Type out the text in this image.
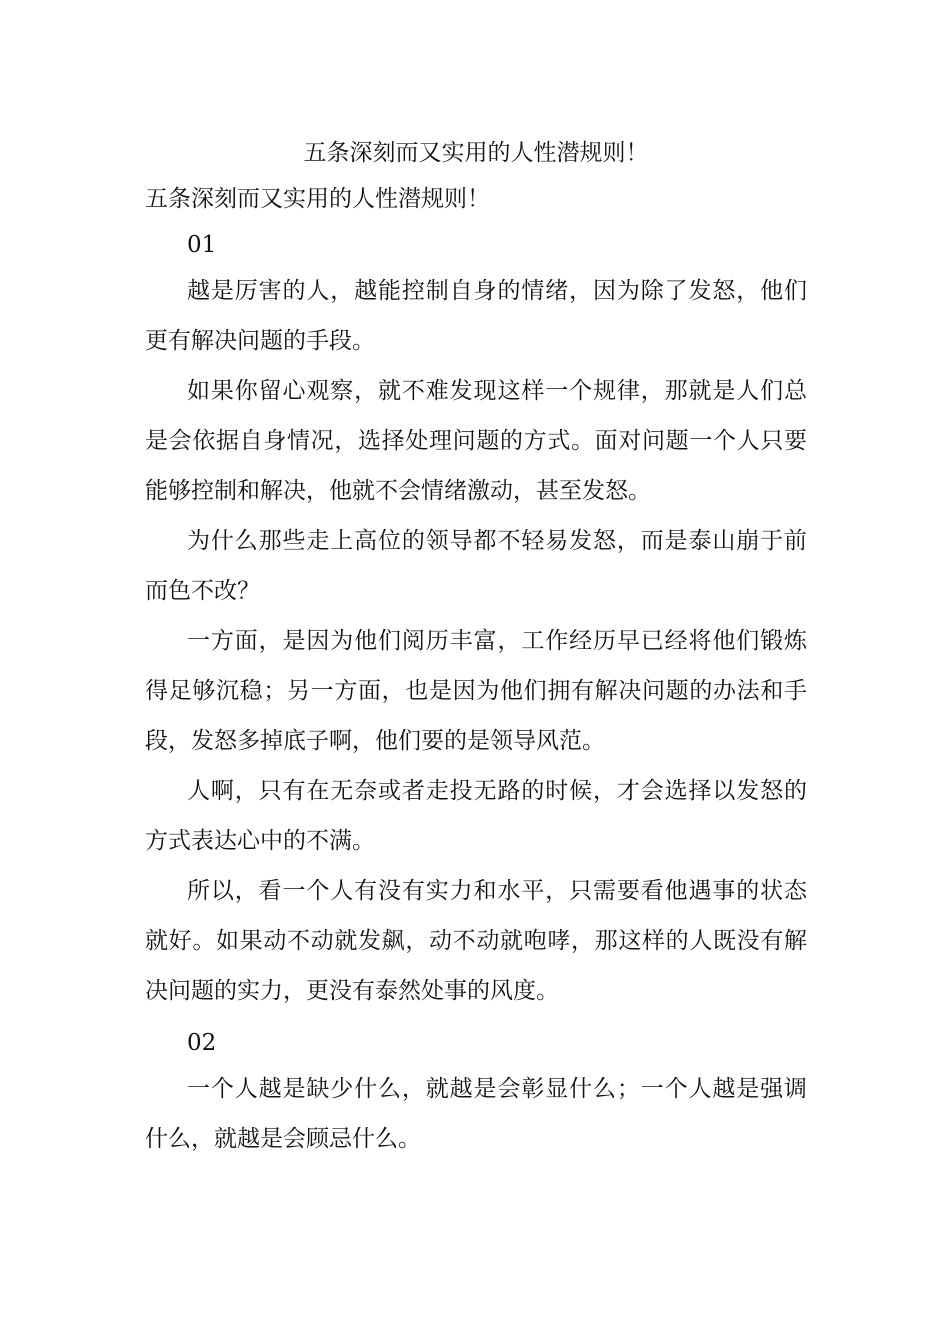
五条深刻而又实用的人性潜规则！

五条深刻而又实用的人性潜规则！

01

越是厉害的人，越能控制自身的情绪，因为除了发怒，他们更有解决问题的手段。

如果你留心观察，就不难发现这样一个规律，那就是人们总是会依据自身情况，选择处理问题的方式。面对问题一个人只要能够控制和解决，他就不会情绪激动，甚至发怒。

为什么那些走上高位的领导都不轻易发怒，而是泰山崩于前而色不改？

一方面，是因为他们阅历丰富，工作经历早已经将他们锻炼得足够沉稳；另一方面，也是因为他们拥有解决问题的办法和手段，发怒多掉底子啊，他们要的是领导风范。

人啊，只有在无奈或者走投无路的时候，才会选择以发怒的方式表达心中的不满。

所以，看一个人有没有实力和水平，只需要看他遇事的状态就好。如果动不动就发飙，动不动就咆哮，那这样的人既没有解决问题的实力，更没有泰然处事的风度。

02

一个人越是缺少什么，就越是会彰显什么；一个人越是强调什么，就越是会顾忌什么。
